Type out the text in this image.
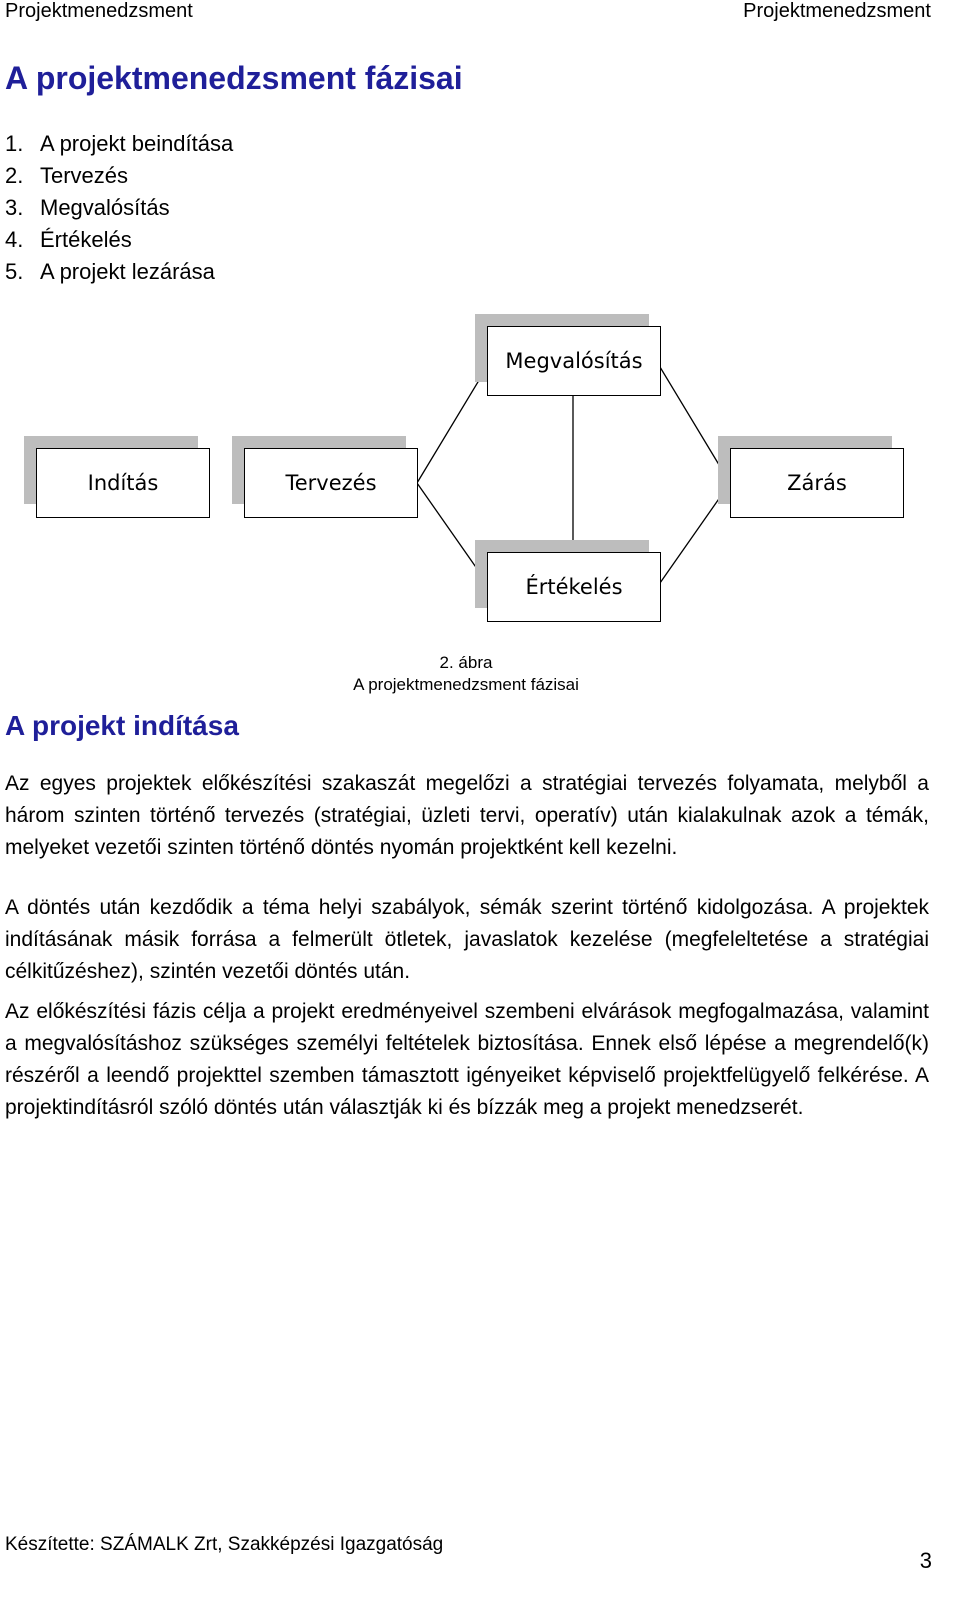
Projektmenedzsment	Projektmenedzsment
A projektmenedzsment fázisai
1. A projekt beindítása
2. Tervezés
3. Megvalósítás
4. Értékelés
5. A projekt lezárása
Indítás	Tervezés
Megvalósítás
Értékelés
Zárás
2. ábra
A projektmenedzsment fázisai
A projekt indítása

Az egyes projektek előkészítési szakaszát megelőzi a stratégiai tervezés folyamata, melyből a három szinten történő tervezés (stratégiai, üzleti tervi, operatív) után kialakulnak azok a témák, melyeket vezetői szinten történő döntés nyomán projektként kell kezelni.

A döntés után kezdődik a téma helyi szabályok, sémák szerint történő kidolgozása. A projektek indításának másik forrása a felmerült ötletek, javaslatok kezelése (megfeleltetése a stratégiai célkitűzéshez), szintén vezetői döntés után.

Az előkészítési fázis célja a projekt eredményeivel szembeni elvárások megfogalmazása, valamint a megvalósításhoz szükséges személyi feltételek biztosítása. Ennek első lépése a megrendelő(k) részéről a leendő projekttel szemben támasztott igényeiket képviselő projektfelügyelő felkérése. A projektindításról szóló döntés után választják ki és bízzák meg a projekt menedzserét.

Készítette: SZÁMALK Zrt, Szakképzési Igazgatóság
3
